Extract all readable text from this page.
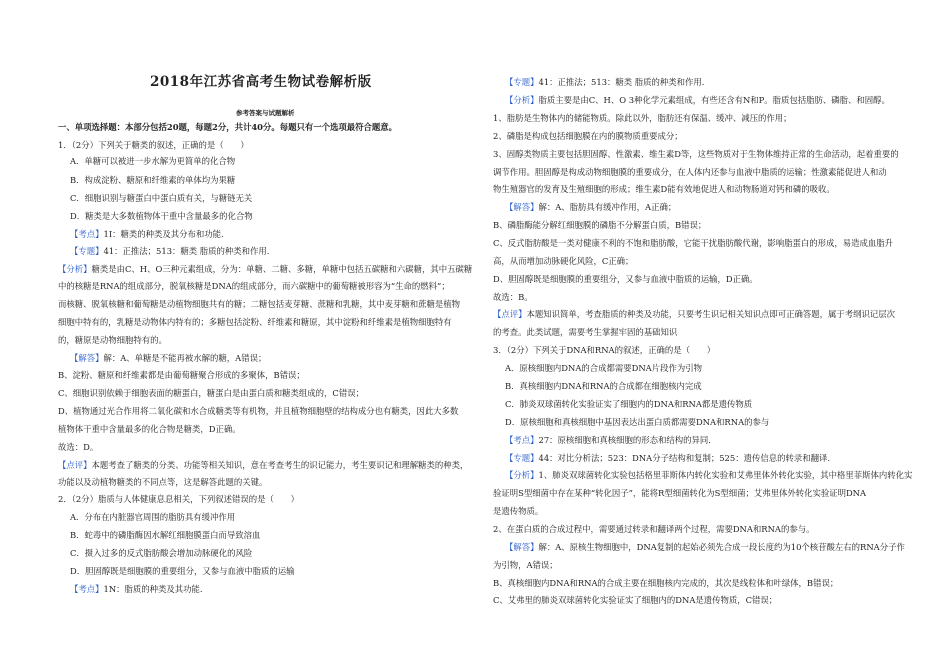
2018年江苏省高考生物试卷解析版
参考答案与试题解析
一、单项选择题：本部分包括20题，每题2分，共计40分。每题只有一个选项最符合题意。
1．（2分）下列关于糖类的叙述，正确的是（　　）
A．单糖可以被进一步水解为更简单的化合物
B．构成淀粉、糖原和纤维素的单体均为果糖
C．细胞识别与糖蛋白中蛋白质有关，与糖链无关
D．糖类是大多数植物体干重中含量最多的化合物
【考点】1I：糖类的种类及其分布和功能.
【专题】41：正推法；513：糖类 脂质的种类和作用.
【分析】糖类是由C、H、O三种元素组成，分为：单糖、二糖、多糖，单糖中包括五碳糖和六碳糖，其中五碳糖
中的核糖是RNA的组成部分，脱氧核糖是DNA的组成部分，而六碳糖中的葡萄糖被形容为“生命的燃料”；
而核糖、脱氧核糖和葡萄糖是动植物细胞共有的糖；二糖包括麦芽糖、蔗糖和乳糖，其中麦芽糖和蔗糖是植物
细胞中特有的，乳糖是动物体内特有的；多糖包括淀粉、纤维素和糖原，其中淀粉和纤维素是植物细胞特有
的，糖原是动物细胞特有的。
【解答】解：A、单糖是不能再被水解的糖，A错误；
B、淀粉、糖原和纤维素都是由葡萄糖聚合形成的多聚体，B错误；
C、细胞识别依赖于细胞表面的糖蛋白，糖蛋白是由蛋白质和糖类组成的，C错误；
D、植物通过光合作用将二氧化碳和水合成糖类等有机物，并且植物细胞壁的结构成分也有糖类，因此大多数
植物体干重中含量最多的化合物是糖类，D正确。
故选：D。
【点评】本题考查了糖类的分类、功能等相关知识，意在考查考生的识记能力，考生要识记和理解糖类的种类，
功能以及动植物糖类的不同点等，这是解答此题的关键。
2．（2分）脂质与人体健康息息相关，下列叙述错误的是（　　）
A．分布在内脏器官周围的脂肪具有缓冲作用
B．蛇毒中的磷脂酶因水解红细胞膜蛋白而导致溶血
C．摄入过多的反式脂肪酸会增加动脉硬化的风险
D．胆固醇既是细胞膜的重要组分，又参与血液中脂质的运输
【考点】1N：脂质的种类及其功能.
【专题】41：正推法；513：糖类 脂质的种类和作用.
【分析】脂质主要是由C、H、O 3种化学元素组成，有些还含有N和P。脂质包括脂肪、磷脂、和固醇。
1、脂肪是生物体内的储能物质。除此以外，脂肪还有保温、缓冲、减压的作用；
2、磷脂是构成包括细胞膜在内的膜物质重要成分；
3、固醇类物质主要包括胆固醇、性激素、维生素D等，这些物质对于生物体维持正常的生命活动，起着重要的
调节作用。胆固醇是构成动物细胞膜的重要成分，在人体内还参与血液中脂质的运输；性激素能促进人和动
物生殖器官的发育及生殖细胞的形成；维生素D能有效地促进人和动物肠道对钙和磷的吸收。
【解答】解：A、脂肪具有缓冲作用，A正确；
B、磷脂酶能分解红细胞膜的磷脂不分解蛋白质，B错误；
C、反式脂肪酸是一类对健康不利的不饱和脂肪酸，它能干扰脂肪酸代谢，影响脂蛋白的形成，易造成血脂升
高，从而增加动脉硬化风险，C正确；
D、胆固醇既是细胞膜的重要组分，又参与血液中脂质的运输，D正确。
故选：B。
【点评】本题知识简单，考查脂质的种类及功能，只要考生识记相关知识点即可正确答题，属于考纲识记层次
的考查。此类试题，需要考生掌握牢固的基础知识
3．（2分）下列关于DNA和RNA的叙述，正确的是（　　）
A．原核细胞内DNA的合成都需要DNA片段作为引物
B．真核细胞内DNA和RNA的合成都在细胞核内完成
C．肺炎双球菌转化实验证实了细胞内的DNA和RNA都是遗传物质
D．原核细胞和真核细胞中基因表达出蛋白质都需要DNA和RNA的参与
【考点】27：原核细胞和真核细胞的形态和结构的异同.
【专题】44：对比分析法；523：DNA分子结构和复制；525：遗传信息的转录和翻译.
【分析】1、肺炎双球菌转化实验包括格里菲斯体内转化实验和艾弗里体外转化实验，其中格里菲斯体内转化实
验证明S型细菌中存在某种“转化因子”，能将R型细菌转化为S型细菌；艾弗里体外转化实验证明DNA
是遗传物质。
2、在蛋白质的合成过程中，需要通过转录和翻译两个过程，需要DNA和RNA的参与。
【解答】解：A、原核生物细胞中，DNA复制的起始必须先合成一段长度约为10个核苷酸左右的RNA分子作
为引物，A错误；
B、真核细胞内DNA和RNA的合成主要在细胞核内完成的，其次是线粒体和叶绿体，B错误；
C、艾弗里的肺炎双球菌转化实验证实了细胞内的DNA是遗传物质，C错误；
